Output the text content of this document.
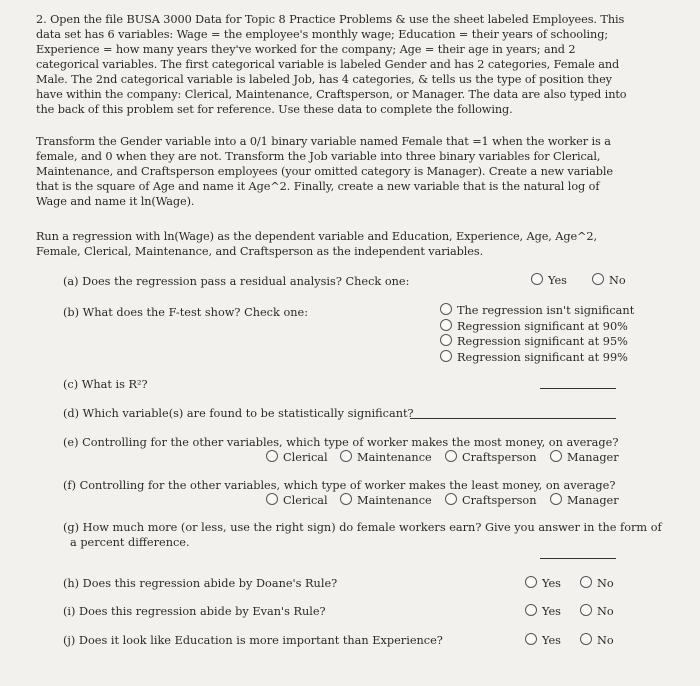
2. Open the file BUSA 3000 Data for Topic 8 Practice Problems & use the sheet labeled Employees. This data set has 6 variables: Wage = the employee's monthly wage; Education = their years of schooling; Experience = how many years they've worked for the company; Age = their age in years; and 2 categorical variables. The first categorical variable is labeled Gender and has 2 categories, Female and Male. The 2nd categorical variable is labeled Job, has 4 categories, & tells us the type of position they have within the company: Clerical, Maintenance, Craftsperson, or Manager. The data are also typed into the back of this problem set for reference. Use these data to complete the following.
Transform the Gender variable into a 0/1 binary variable named Female that =1 when the worker is a female, and 0 when they are not. Transform the Job variable into three binary variables for Clerical, Maintenance, and Craftsperson employees (your omitted category is Manager). Create a new variable that is the square of Age and name it Age^2. Finally, create a new variable that is the natural log of Wage and name it ln(Wage).
Run a regression with ln(Wage) as the dependent variable and Education, Experience, Age, Age^2, Female, Clerical, Maintenance, and Craftsperson as the independent variables.
(a) Does the regression pass a residual analysis? Check one:	Yes	No
(b) What does the F-test show? Check one:	The regression isn't significant
Regression significant at 90%
Regression significant at 95%
Regression significant at 99%
(c) What is R²?
(d) Which variable(s) are found to be statistically significant?
(e) Controlling for the other variables, which type of worker makes the most money, on average?
Clerical	Maintenance	Craftsperson	Manager
(f) Controlling for the other variables, which type of worker makes the least money, on average?
Clerical	Maintenance	Craftsperson	Manager
(g) How much more (or less, use the right sign) do female workers earn? Give you answer in the form of
a percent difference.
(h) Does this regression abide by Doane's Rule?	Yes	No
(i) Does this regression abide by Evan's Rule?	Yes	No
(j) Does it look like Education is more important than Experience?	Yes	No
